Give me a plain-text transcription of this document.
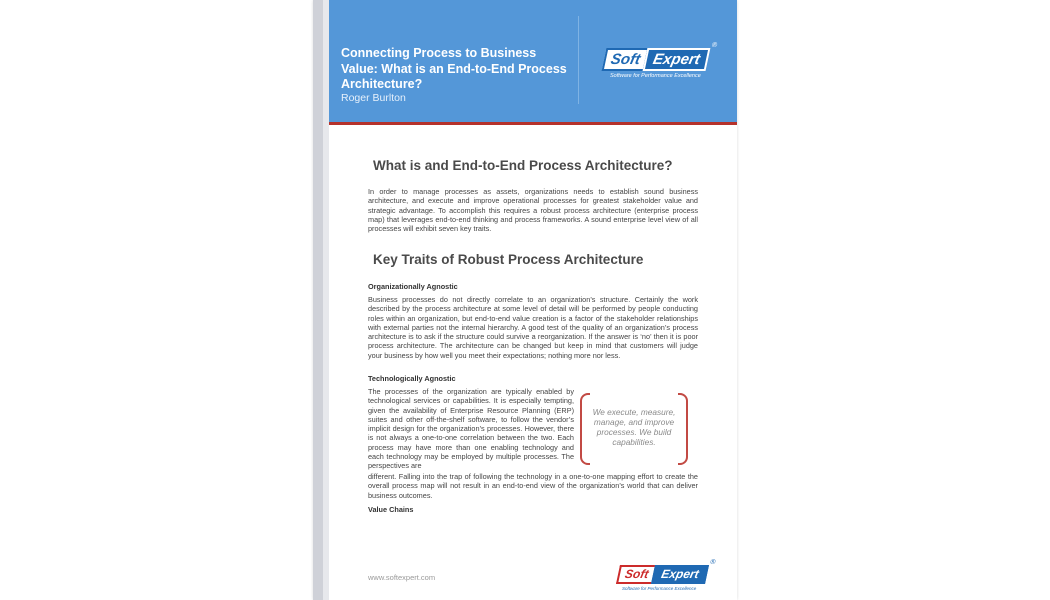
Connecting Process to Business Value: What is an End-to-End Process Architecture?
Roger Burlton
Soft Expert
®
Software for Performance Excellence
What is and End-to-End Process Architecture?

In order to manage processes as assets, organizations needs to establish sound business architecture, and execute and improve operational processes for greatest stakeholder value and strategic advantage. To accomplish this requires a robust process architecture (enterprise process map) that leverages end-to-end thinking and process frameworks. A sound enterprise level view of all processes will exhibit seven key traits.

Key Traits of Robust Process Architecture
Organizationally Agnostic

Business processes do not directly correlate to an organization’s structure. Certainly the work described by the process architecture at some level of detail will be performed by people conducting roles within an organization, but end-to-end value creation is a factor of the stakeholder relationships with external parties not the internal hierarchy. A good test of the quality of an organization’s process architecture is to ask if the structure could survive a reorganization. If the answer is ‘no’ then it is poor process architecture. The architecture can be changed but keep in mind that customers will judge your business by how well you meet their expectations; nothing more nor less.

Technologically Agnostic

The processes of the organization are typically enabled by technological services or capabilities. It is especially tempting, given the availability of Enterprise Resource Planning (ERP) suites and other off-the-shelf software, to follow the vendor’s implicit design for the organization’s processes. However, there is not always a one-to-one correlation between the two. Each process may have more than one enabling technology and each technology may be employed by multiple processes. The perspectives are

We execute, measure, manage, and improve processes. We build capabilities.

different. Falling into the trap of following the technology in a one-to-one mapping effort to create the overall process map will not result in an end-to-end view of the organization’s world that can deliver business outcomes.

Value Chains
www.softexpert.com	Soft Expert
®
Software for Performance Excellence
